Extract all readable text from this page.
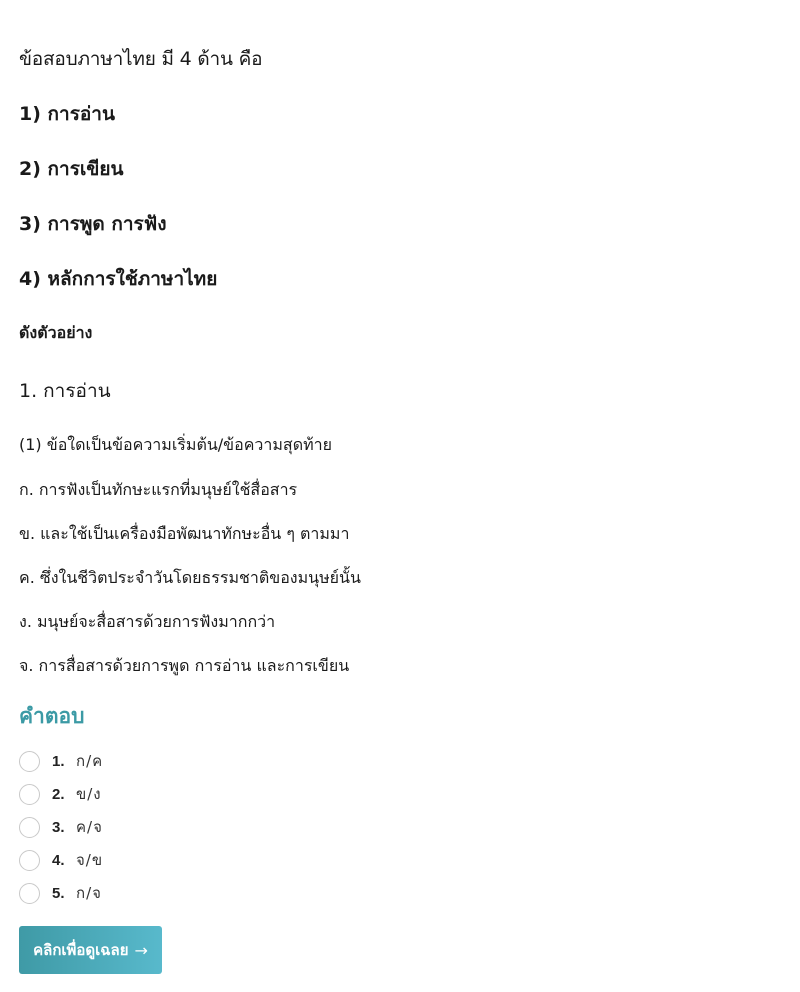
ข้อสอบภาษาไทย มี 4 ด้าน คือ
1) การอ่าน
2) การเขียน
3) การพูด การฟัง
4) หลักการใช้ภาษาไทย
ดังตัวอย่าง
1. การอ่าน
(1) ข้อใดเป็นข้อความเริ่มต้น/ข้อความสุดท้าย
ก. การฟังเป็นทักษะแรกที่มนุษย์ใช้สื่อสาร
ข. และใช้เป็นเครื่องมือพัฒนาทักษะอื่น ๆ ตามมา
ค. ซึ่งในชีวิตประจำวันโดยธรรมชาติของมนุษย์นั้น
ง. มนุษย์จะสื่อสารด้วยการฟังมากกว่า
จ. การสื่อสารด้วยการพูด การอ่าน และการเขียน
คำตอบ
1. ก/ค
2. ข/ง
3. ค/จ
4. จ/ข
5. ก/จ
คลิกเพื่อดูเฉลย →
